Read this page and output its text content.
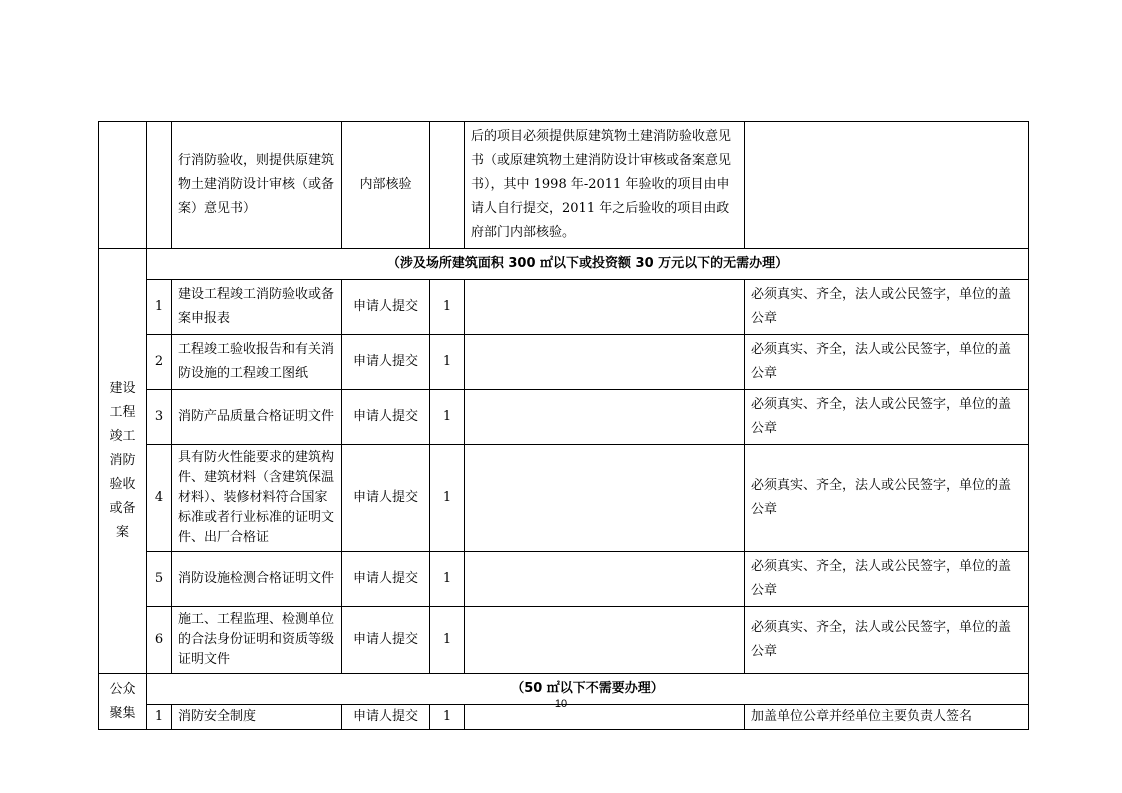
		行消防验收，则提供原建筑物土建消防设计审核（或备案）意见书）	内部核验		后的项目必须提供原建筑物土建消防验收意见书（或原建筑物土建消防设计审核或备案意见书），其中 1998 年-2011 年验收的项目由申请人自行提交，2011 年之后验收的项目由政府部门内部核验。	
建设工程竣工消防验收或备案	（涉及场所建筑面积 300 ㎡以下或投资额 30 万元以下的无需办理）					
	1	建设工程竣工消防验收或备案申报表	申请人提交	1		必须真实、齐全，法人或公民签字，单位的盖公章
	2	工程竣工验收报告和有关消防设施的工程竣工图纸	申请人提交	1		必须真实、齐全，法人或公民签字，单位的盖公章
	3	消防产品质量合格证明文件	申请人提交	1		必须真实、齐全，法人或公民签字，单位的盖公章
	4	具有防火性能要求的建筑构件、建筑材料（含建筑保温材料）、装修材料符合国家标准或者行业标准的证明文件、出厂合格证	申请人提交	1		必须真实、齐全，法人或公民签字，单位的盖公章
	5	消防设施检测合格证明文件	申请人提交	1		必须真实、齐全，法人或公民签字，单位的盖公章
	6	施工、工程监理、检测单位的合法身份证明和资质等级证明文件	申请人提交	1		必须真实、齐全，法人或公民签字，单位的盖公章
公众聚集	（50 ㎡以下不需要办理）					
	1	消防安全制度	申请人提交	1		加盖单位公章并经单位主要负责人签名
10
